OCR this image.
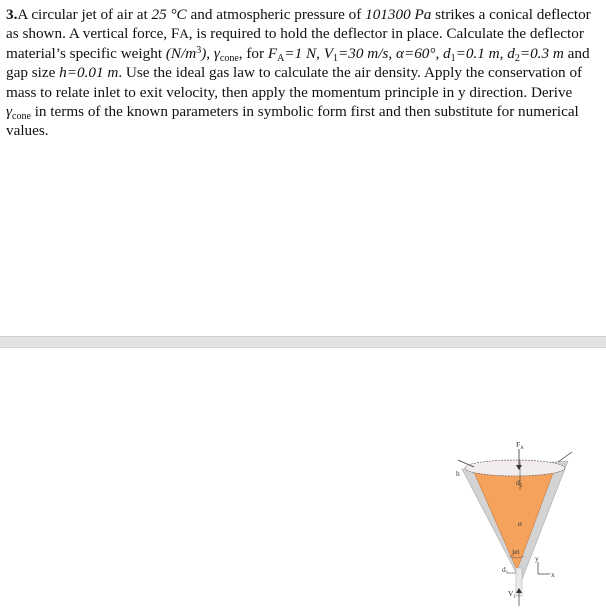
3.A circular jet of air at 25 °C and atmospheric pressure of 101300 Pa strikes a conical deflector as shown. A vertical force, FA, is required to hold the deflector in place. Calculate the deflector material’s specific weight $(N/m^3)$, $\gamma_{cone}$, for $F_A=1$ N, $V_1=30$ m/s, α=60°, $d_1=0.1$ m, $d_2=0.3$ m and gap size h=0.01 m. Use the ideal gas law to calculate the air density. Apply the conservation of mass to relate inlet to exit velocity, then apply the momentum principle in y direction. Derive $\gamma_{cone}$ in terms of the known parameters in symbolic form first and then substitute for numerical values.

$F_A$
h
$d_2$
α
jet
$d_1$
$V_1$
y
x
